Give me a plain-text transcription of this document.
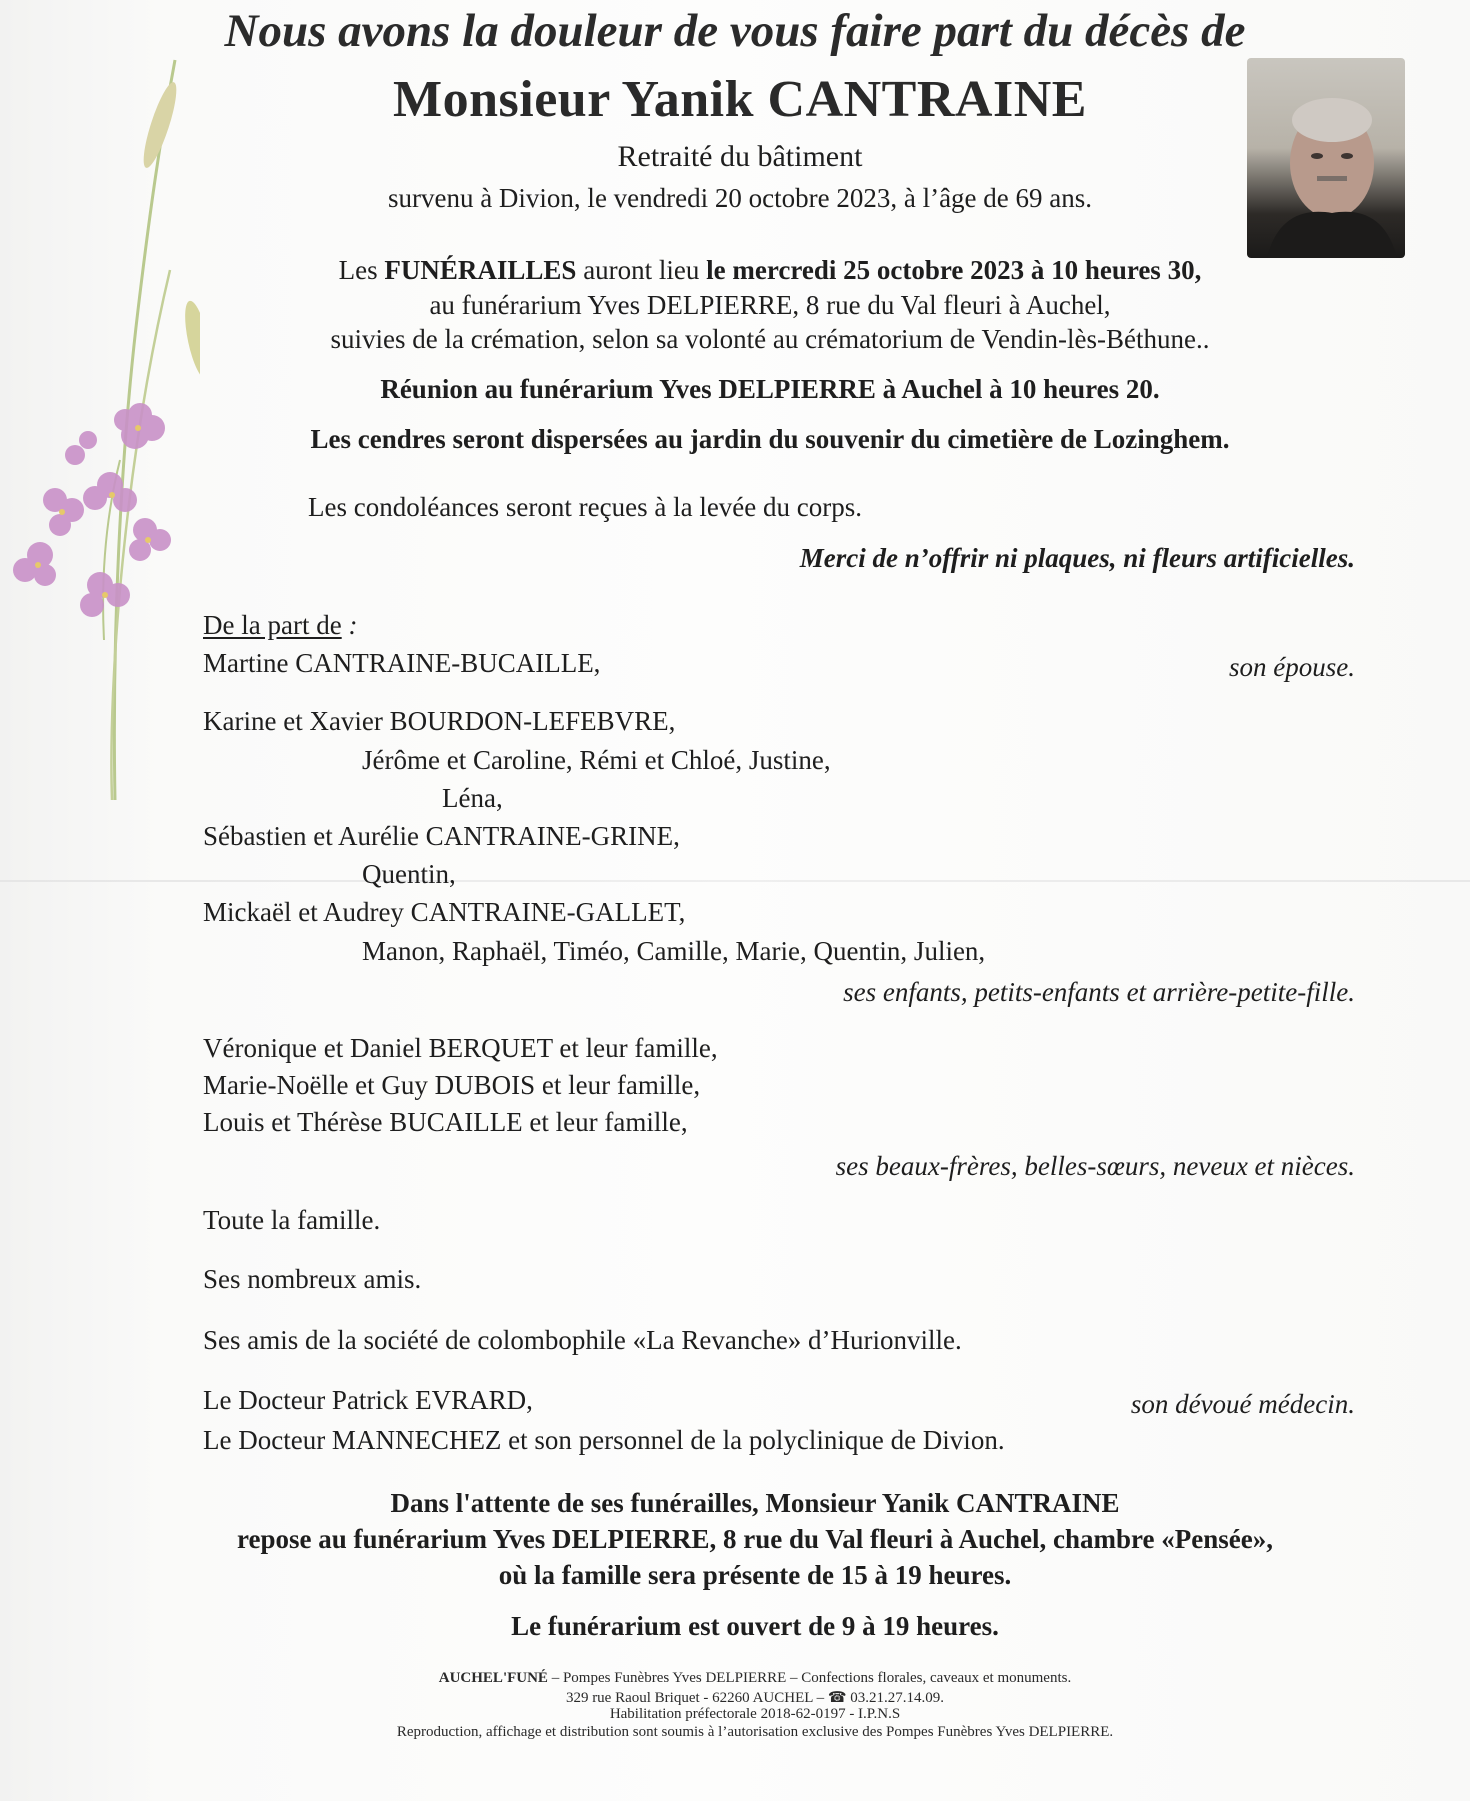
Nous avons la douleur de vous faire part du décès de
Monsieur Yanik CANTRAINE
Retraité du bâtiment
survenu à Divion, le vendredi 20 octobre 2023, à l’âge de 69 ans.
Les FUNÉRAILLES auront lieu le mercredi 25 octobre 2023 à 10 heures 30,
au funérarium Yves DELPIERRE, 8 rue du Val fleuri à Auchel,
suivies de la crémation, selon sa volonté au crématorium de Vendin-lès-Béthune..
Réunion au funérarium Yves DELPIERRE à Auchel à 10 heures 20.
Les cendres seront dispersées au jardin du souvenir du cimetière de Lozinghem.
Les condoléances seront reçues à la levée du corps.
Merci de n’offrir ni plaques, ni fleurs artificielles.
De la part de :
Martine CANTRAINE-BUCAILLE,	son épouse.
Karine et Xavier BOURDON-LEFEBVRE,
Jérôme et Caroline, Rémi et Chloé, Justine,
Léna,
Sébastien et Aurélie CANTRAINE-GRINE,
Quentin,
Mickaël et Audrey CANTRAINE-GALLET,
Manon, Raphaël, Timéo, Camille, Marie, Quentin, Julien,
ses enfants, petits-enfants et arrière-petite-fille.
Véronique et Daniel BERQUET et leur famille,
Marie-Noëlle et Guy DUBOIS et leur famille,
Louis et Thérèse BUCAILLE et leur famille,
ses beaux-frères, belles-sœurs, neveux et nièces.
Toute la famille.
Ses nombreux amis.
Ses amis de la société de colombophile «La Revanche» d’Hurionville.
Le Docteur Patrick EVRARD,	son dévoué médecin.
Le Docteur MANNECHEZ et son personnel de la polyclinique de Divion.
Dans l'attente de ses funérailles, Monsieur Yanik CANTRAINE
repose au funérarium Yves DELPIERRE, 8 rue du Val fleuri à Auchel, chambre «Pensée»,
où la famille sera présente de 15 à 19 heures.
Le funérarium est ouvert de 9 à 19 heures.
AUCHEL'FUNÉ – Pompes Funèbres Yves DELPIERRE – Confections florales, caveaux et monuments.
329 rue Raoul Briquet - 62260 AUCHEL – ☎ 03.21.27.14.09.
Habilitation préfectorale 2018-62-0197 - I.P.N.S
Reproduction, affichage et distribution sont soumis à l’autorisation exclusive des Pompes Funèbres Yves DELPIERRE.
